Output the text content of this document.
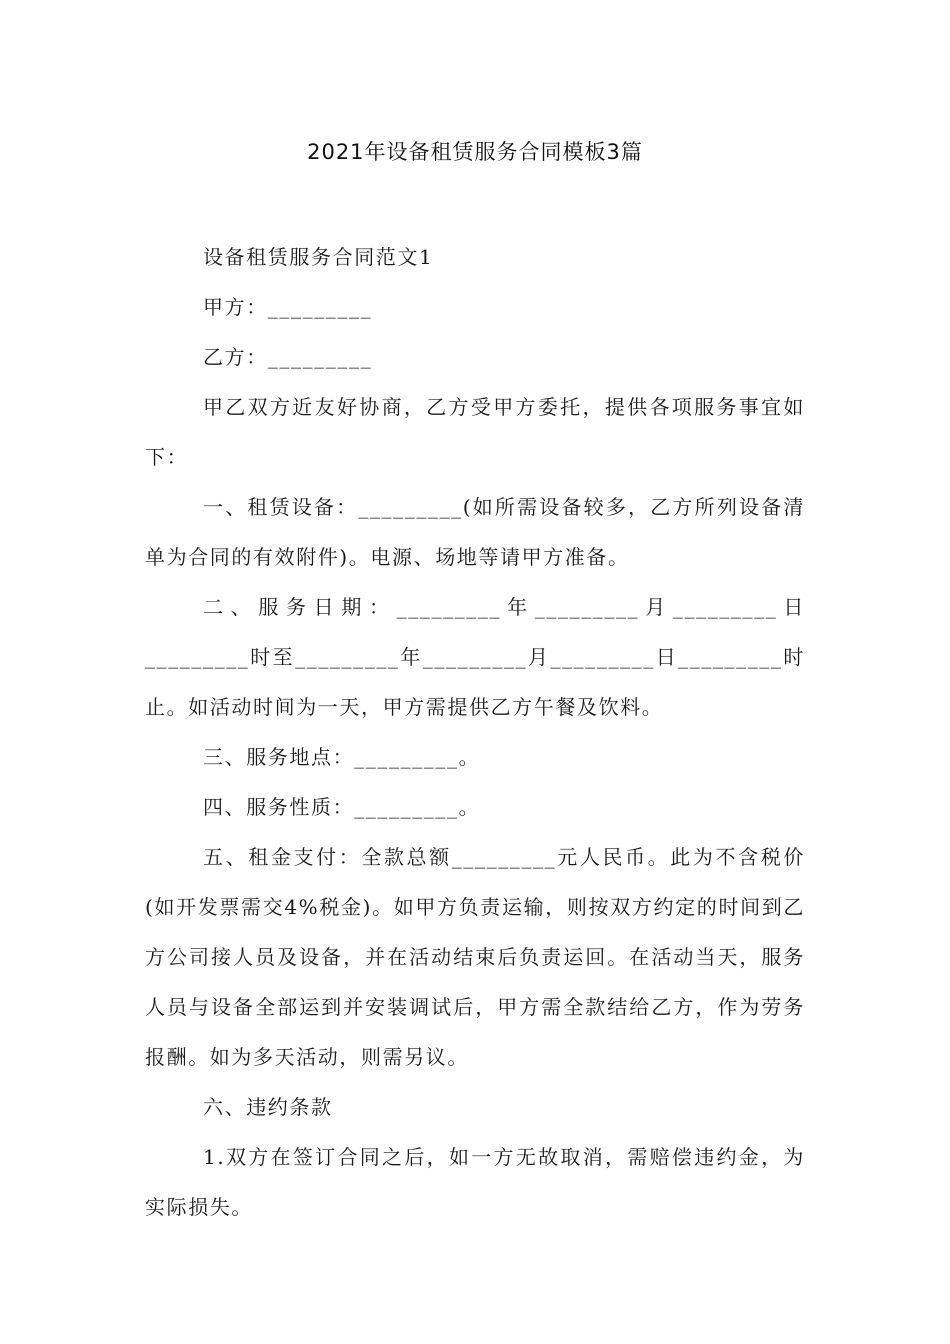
2021年设备租赁服务合同模板3篇

设备租赁服务合同范文1

甲方：_________

乙方：_________

甲乙双方近友好协商，乙方受甲方委托，提供各项服务事宜如下：

一、租赁设备：_________(如所需设备较多，乙方所列设备清单为合同的有效附件)。电源、场地等请甲方准备。

二、服务日期：_________年_________月_________日_________时至_________年_________月_________日_________时止。如活动时间为一天，甲方需提供乙方午餐及饮料。

三、服务地点：_________。

四、服务性质：_________。

五、租金支付：全款总额_________元人民币。此为不含税价(如开发票需交4%税金)。如甲方负责运输，则按双方约定的时间到乙方公司接人员及设备，并在活动结束后负责运回。在活动当天，服务人员与设备全部运到并安装调试后，甲方需全款结给乙方，作为劳务报酬。如为多天活动，则需另议。

六、违约条款

1.双方在签订合同之后，如一方无故取消，需赔偿违约金，为实际损失。
